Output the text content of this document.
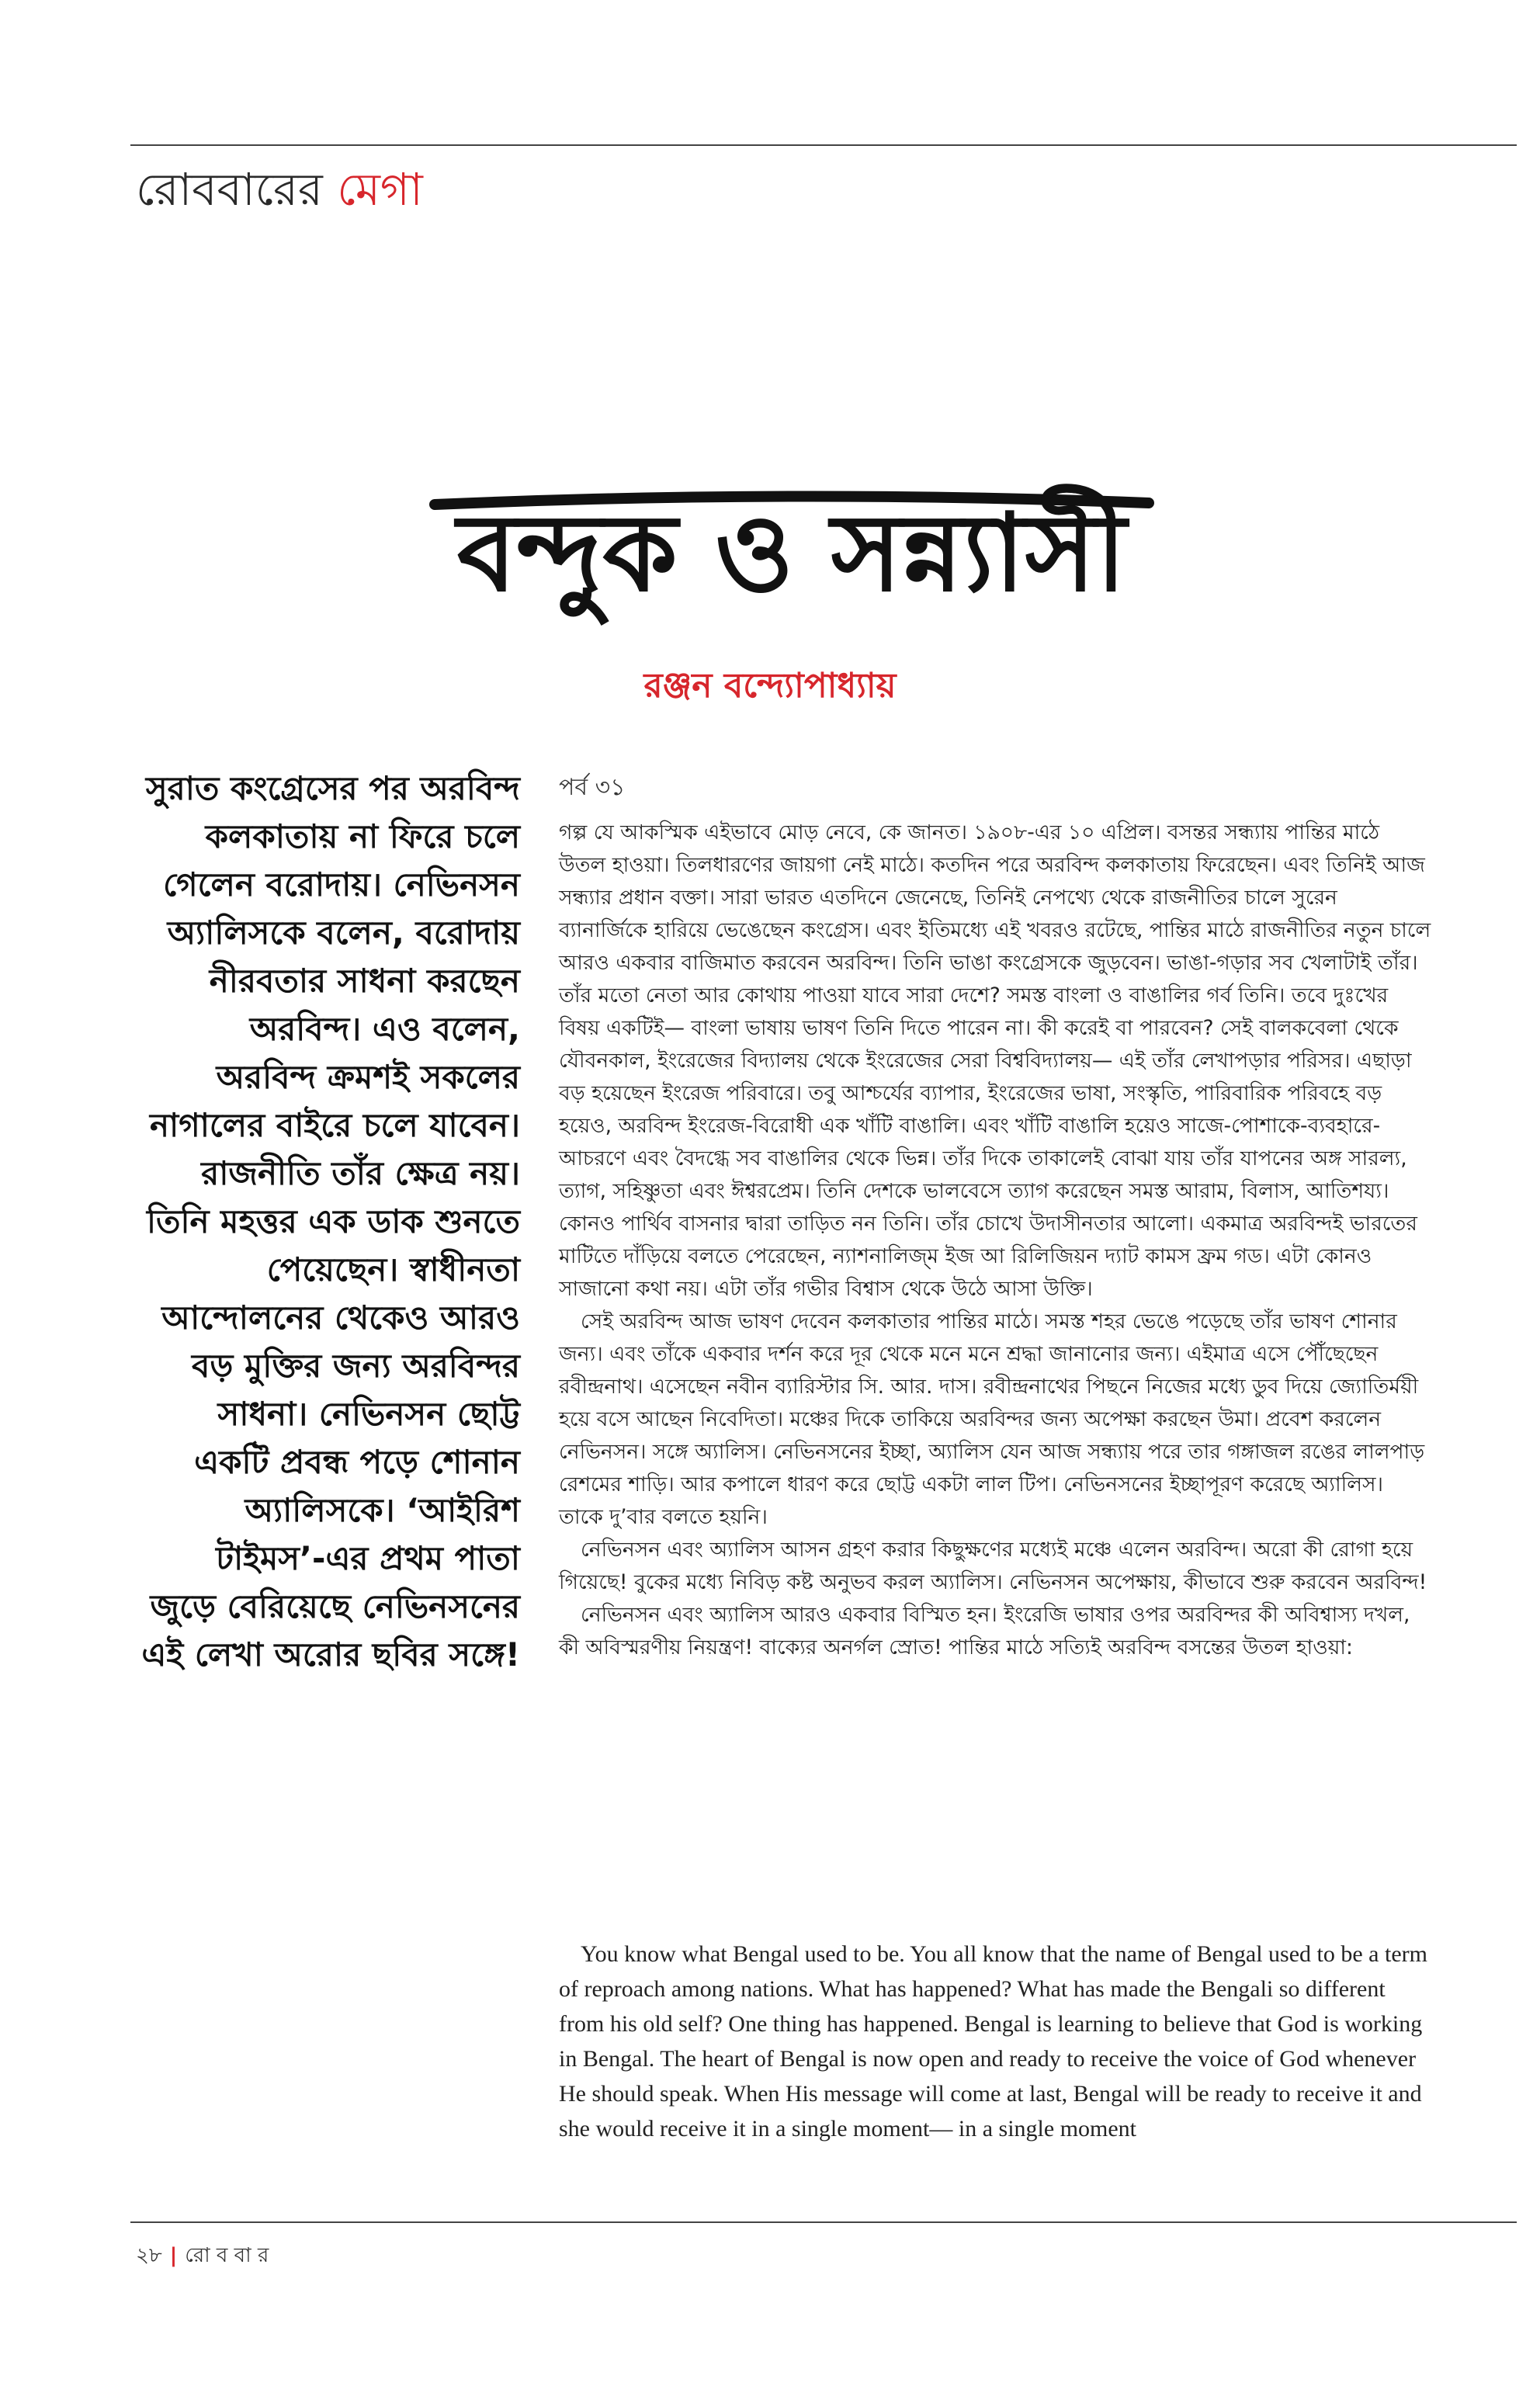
রোববারের মেগা
বন্দুক ও সন্ন্যাসী
রঞ্জন বন্দ্যোপাধ্যায়
সুরাত কংগ্রেসের পর অরবিন্দ কলকাতায় না ফিরে চলে গেলেন বরোদায়। নেভিনসন অ্যালিসকে বলেন, বরোদায় নীরবতার সাধনা করছেন অরবিন্দ। এও বলেন, অরবিন্দ ক্রমশই সকলের নাগালের বাইরে চলে যাবেন। রাজনীতি তাঁর ক্ষেত্র নয়। তিনি মহত্তর এক ডাক শুনতে পেয়েছেন। স্বাধীনতা আন্দোলনের থেকেও আরও বড় মুক্তির জন্য অরবিন্দর সাধনা। নেভিনসন ছোট্ট একটি প্রবন্ধ পড়ে শোনান অ্যালিসকে। ‘আইরিশ টাইমস’-এর প্রথম পাতা জুড়ে বেরিয়েছে নেভিনসনের এই লেখা অরোর ছবির সঙ্গে!
পর্ব ৩১

গল্প যে আকস্মিক এইভাবে মোড় নেবে, কে জানত। ১৯০৮-এর ১০ এপ্রিল। বসন্তর সন্ধ্যায় পান্তির মাঠে উতল হাওয়া। তিলধারণের জায়গা নেই মাঠে। কতদিন পরে অরবিন্দ কলকাতায় ফিরেছেন। এবং তিনিই আজ সন্ধ্যার প্রধান বক্তা। সারা ভারত এতদিনে জেনেছে, তিনিই নেপথ্যে থেকে রাজনীতির চালে সুরেন ব্যানার্জিকে হারিয়ে ভেঙেছেন কংগ্রেস। এবং ইতিমধ্যে এই খবরও রটেছে, পান্তির মাঠে রাজনীতির নতুন চালে আরও একবার বাজিমাত করবেন অরবিন্দ। তিনি ভাঙা কংগ্রেসকে জুড়বেন। ভাঙা-গড়ার সব খেলাটাই তাঁর। তাঁর মতো নেতা আর কোথায় পাওয়া যাবে সারা দেশে? সমস্ত বাংলা ও বাঙালির গর্ব তিনি। তবে দুঃখের বিষয় একটিই— বাংলা ভাষায় ভাষণ তিনি দিতে পারেন না। কী করেই বা পারবেন? সেই বালকবেলা থেকে যৌবনকাল, ইংরেজের বিদ্যালয় থেকে ইংরেজের সেরা বিশ্ববিদ্যালয়— এই তাঁর লেখাপড়ার পরিসর। এছাড়া বড় হয়েছেন ইংরেজ পরিবারে। তবু আশ্চর্যের ব্যাপার, ইংরেজের ভাষা, সংস্কৃতি, পারিবারিক পরিবহে বড় হয়েও, অরবিন্দ ইংরেজ-বিরোধী এক খাঁটি বাঙালি। এবং খাঁটি বাঙালি হয়েও সাজে-পোশাকে-ব্যবহারে-আচরণে এবং বৈদগ্ধে সব বাঙালির থেকে ভিন্ন। তাঁর দিকে তাকালেই বোঝা যায় তাঁর যাপনের অঙ্গ সারল্য, ত্যাগ, সহিষ্ণুতা এবং ঈশ্বরপ্রেম। তিনি দেশকে ভালবেসে ত্যাগ করেছেন সমস্ত আরাম, বিলাস, আতিশয্য। কোনও পার্থিব বাসনার দ্বারা তাড়িত নন তিনি। তাঁর চোখে উদাসীনতার আলো। একমাত্র অরবিন্দই ভারতের মাটিতে দাঁড়িয়ে বলতে পেরেছেন, ন্যাশনালিজ্‌ম ইজ আ রিলিজিয়ন দ্যাট কামস ফ্রম গড। এটা কোনও সাজানো কথা নয়। এটা তাঁর গভীর বিশ্বাস থেকে উঠে আসা উক্তি।

সেই অরবিন্দ আজ ভাষণ দেবেন কলকাতার পান্তির মাঠে। সমস্ত শহর ভেঙে পড়েছে তাঁর ভাষণ শোনার জন্য। এবং তাঁকে একবার দর্শন করে দূর থেকে মনে মনে শ্রদ্ধা জানানোর জন্য। এইমাত্র এসে পৌঁছেছেন রবীন্দ্রনাথ। এসেছেন নবীন ব্যারিস্টার সি. আর. দাস। রবীন্দ্রনাথের পিছনে নিজের মধ্যে ডুব দিয়ে জ্যোতির্ময়ী হয়ে বসে আছেন নিবেদিতা। মঞ্চের দিকে তাকিয়ে অরবিন্দর জন্য অপেক্ষা করছেন উমা। প্রবেশ করলেন নেভিনসন। সঙ্গে অ্যালিস। নেভিনসনের ইচ্ছা, অ্যালিস যেন আজ সন্ধ্যায় পরে তার গঙ্গাজল রঙের লালপাড় রেশমের শাড়ি। আর কপালে ধারণ করে ছোট্ট একটা লাল টিপ। নেভিনসনের ইচ্ছাপূরণ করেছে অ্যালিস। তাকে দু’বার বলতে হয়নি।

নেভিনসন এবং অ্যালিস আসন গ্রহণ করার কিছুক্ষণের মধ্যেই মঞ্চে এলেন অরবিন্দ। অরো কী রোগা হয়ে গিয়েছে! বুকের মধ্যে নিবিড় কষ্ট অনুভব করল অ্যালিস। নেভিনসন অপেক্ষায়, কীভাবে শুরু করবেন অরবিন্দ!

নেভিনসন এবং অ্যালিস আরও একবার বিস্মিত হন। ইংরেজি ভাষার ওপর অরবিন্দর কী অবিশ্বাস্য দখল, কী অবিস্মরণীয় নিয়ন্ত্রণ! বাক্যের অনর্গল স্রোত! পান্তির মাঠে সত্যিই অরবিন্দ বসন্তের উতল হাওয়া:

You know what Bengal used to be. You all know that the name of Bengal used to be a term of reproach among nations. What has happened? What has made the Bengali so different from his old self? One thing has happened. Bengal is learning to believe that God is working in Bengal. The heart of Bengal is now open and ready to receive the voice of God whenever He should speak. When His message will come at last, Bengal will be ready to receive it and she would receive it in a single moment— in a single moment
২৮ | রো ব বা র
